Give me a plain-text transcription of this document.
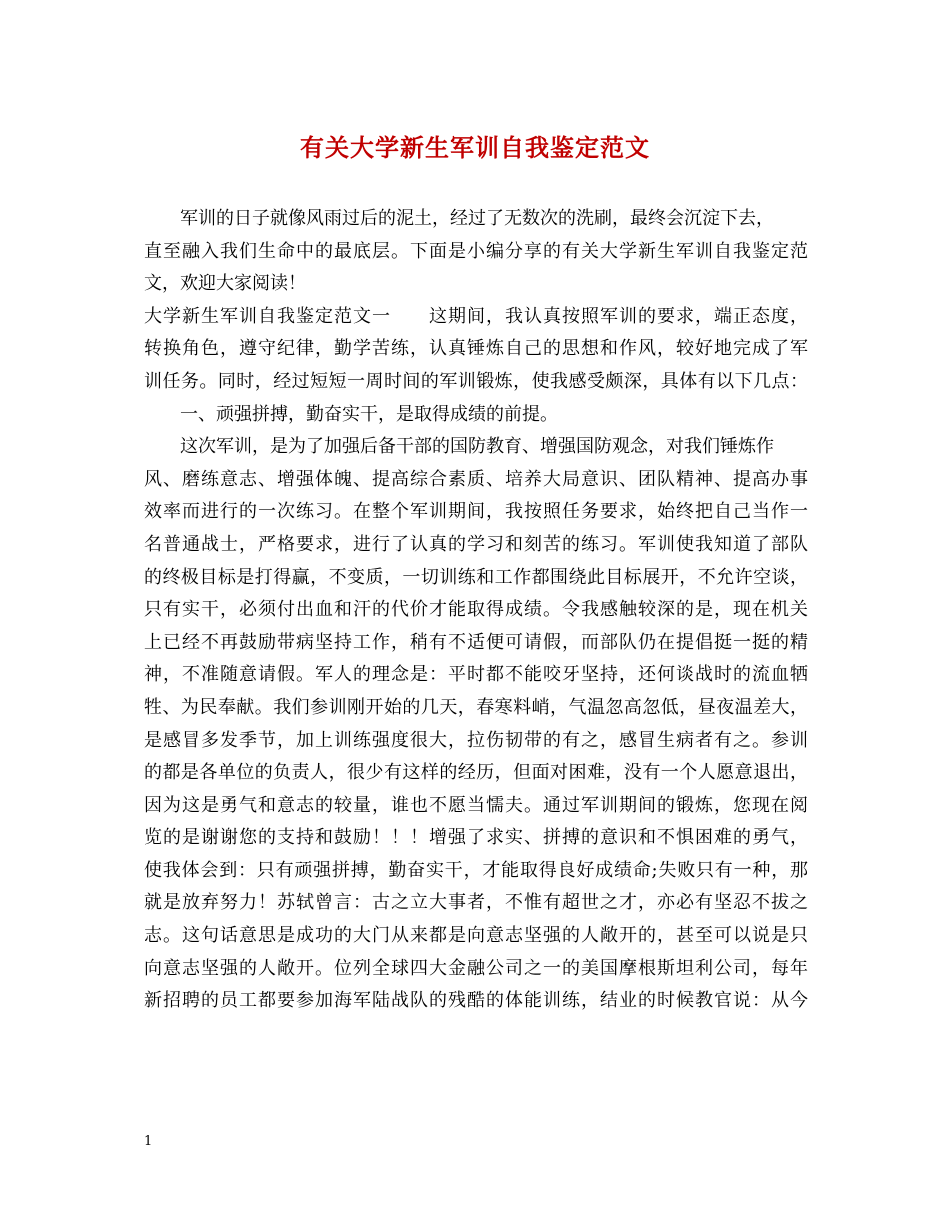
有关大学新生军训自我鉴定范文
军训的日子就像风雨过后的泥土，经过了无数次的洗刷，最终会沉淀下去，
直至融入我们生命中的最底层。下面是小编分享的有关大学新生军训自我鉴定范
文，欢迎大家阅读！
大学新生军训自我鉴定范文一　　这期间，我认真按照军训的要求，端正态度，
转换角色，遵守纪律，勤学苦练，认真锤炼自己的思想和作风，较好地完成了军
训任务。同时，经过短短一周时间的军训锻炼，使我感受颇深，具体有以下几点：
一、顽强拼搏，勤奋实干，是取得成绩的前提。
这次军训，是为了加强后备干部的国防教育、增强国防观念，对我们锤炼作
风、磨练意志、增强体魄、提高综合素质、培养大局意识、团队精神、提高办事
效率而进行的一次练习。在整个军训期间，我按照任务要求，始终把自己当作一
名普通战士，严格要求，进行了认真的学习和刻苦的练习。军训使我知道了部队
的终极目标是打得赢，不变质，一切训练和工作都围绕此目标展开，不允许空谈，
只有实干，必须付出血和汗的代价才能取得成绩。令我感触较深的是，现在机关
上已经不再鼓励带病坚持工作，稍有不适便可请假，而部队仍在提倡挺一挺的精
神，不准随意请假。军人的理念是：平时都不能咬牙坚持，还何谈战时的流血牺
牲、为民奉献。我们参训刚开始的几天，春寒料峭，气温忽高忽低，昼夜温差大，
是感冒多发季节，加上训练强度很大，拉伤韧带的有之，感冒生病者有之。参训
的都是各单位的负责人，很少有这样的经历，但面对困难，没有一个人愿意退出，
因为这是勇气和意志的较量，谁也不愿当懦夫。通过军训期间的锻炼，您现在阅
览的是谢谢您的支持和鼓励！！！增强了求实、拼搏的意识和不惧困难的勇气，
使我体会到：只有顽强拼搏，勤奋实干，才能取得良好成绩命;失败只有一种，那
就是放弃努力！苏轼曾言：古之立大事者，不惟有超世之才，亦必有坚忍不拔之
志。这句话意思是成功的大门从来都是向意志坚强的人敞开的，甚至可以说是只
向意志坚强的人敞开。位列全球四大金融公司之一的美国摩根斯坦利公司，每年
新招聘的员工都要参加海军陆战队的残酷的体能训练，结业的时候教官说：从今
1
